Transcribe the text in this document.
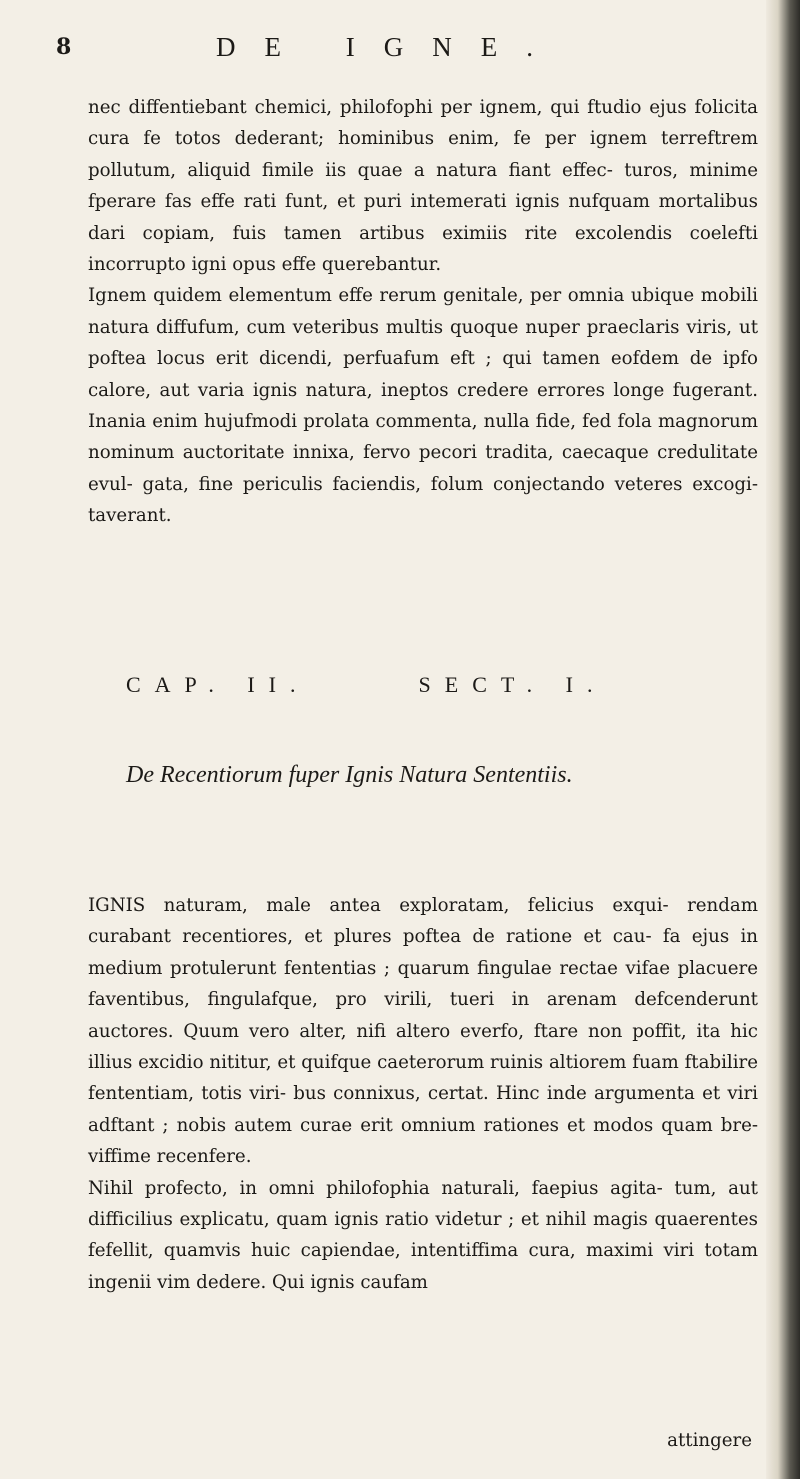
8	DE IGNE.

nec diffentiebant chemici, philofophi per ignem, qui ftudio ejus folicita cura fe totos dederant; hominibus enim, fe per ignem terreftrem pollutum, aliquid fimile iis quae a natura fiant effec- turos, minime fperare fas effe rati funt, et puri intemerati ignis nufquam mortalibus dari copiam, fuis tamen artibus eximiis rite excolendis coelefti incorrupto igni opus effe querebantur.

Ignem quidem elementum effe rerum genitale, per omnia ubique mobili natura diffufum, cum veteribus multis quoque nuper praeclaris viris, ut poftea locus erit dicendi, perfuafum eft ; qui tamen eofdem de ipfo calore, aut varia ignis natura, ineptos credere errores longe fugerant. Inania enim hujufmodi prolata commenta, nulla fide, fed fola magnorum nominum auctoritate innixa, fervo pecori tradita, caecaque credulitate evul- gata, fine periculis faciendis, folum conjectando veteres excogi- taverant.

CAP. II.	SECT. I.
De Recentiorum fuper Ignis Natura Sententiis.

IGNIS naturam, male antea exploratam, felicius exqui- rendam curabant recentiores, et plures poftea de ratione et cau- fa ejus in medium protulerunt fententias ; quarum fingulae rectae vifae placuere faventibus, fingulafque, pro virili, tueri in arenam defcenderunt auctores. Quum vero alter, nifi altero everfo, ftare non poffit, ita hic illius excidio nititur, et quifque caeterorum ruinis altiorem fuam ftabilire fententiam, totis viri- bus connixus, certat. Hinc inde argumenta et viri adftant ; nobis autem curae erit omnium rationes et modos quam bre- viffime recenfere.

Nihil profecto, in omni philofophia naturali, faepius agita- tum, aut difficilius explicatu, quam ignis ratio videtur ; et nihil magis quaerentes fefellit, quamvis huic capiendae, intentiffima cura, maximi viri totam ingenii vim dedere. Qui ignis caufam

attingere
